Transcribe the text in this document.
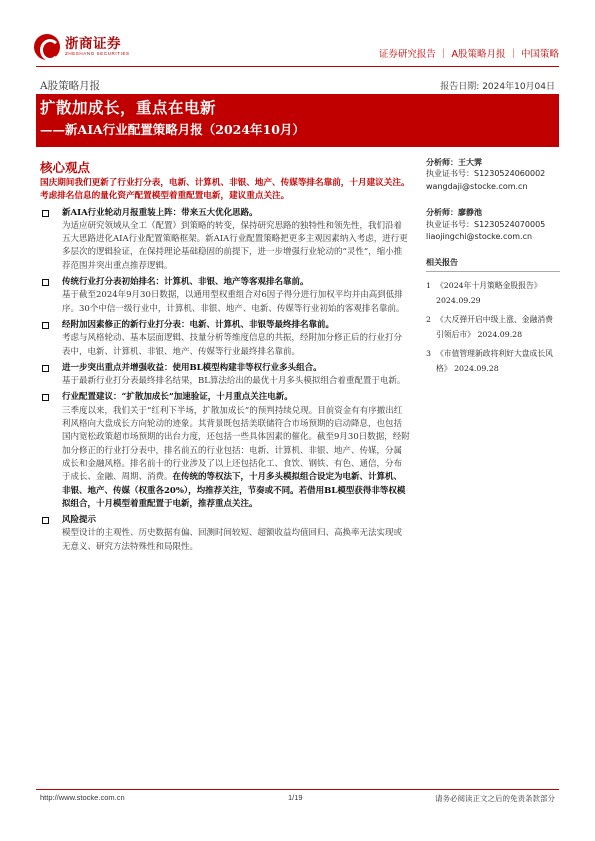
浙商证券
ZHESHANG SECURITIES	证券研究报告 ｜ A股策略月报 ｜ 中国策略
A股策略月报	报告日期: 2024年10月04日
扩散加成长，重点在电新
——新AIA行业配置策略月报（2024年10月）
核心观点
国庆期间我们更新了行业打分表，电新、计算机、非银、地产、传媒等排名靠前，十月建议关注。考虑排名信息的量化资产配置模型着重配置电新，建议重点关注。
新AIA行业轮动月报重装上阵：带来五大优化思路。
为适应研究领域从全工（配置）到策略的转变，保持研究思路的独特性和领先性，我们沿着五大思路进化AIA行业配置策略框架。新AIA行业配置策略把更多主观因素纳入考虑，进行更多层次的逻辑验证，在保持理论基础稳固的前提下，进一步增强行业轮动的“灵性”，缩小推荐范围并突出重点推荐逻辑。
传统行业打分表初始排名：计算机、非银、地产等客观排名靠前。
基于截至2024年9月30日数据，以通用型权重组合对6因子得分进行加权平均并由高到低排序。30个中信一级行业中，计算机、非银、地产、电新、传媒等行业初始的客观排名靠前。
经附加因素修正的新行业打分表：电新、计算机、非银等最终排名靠前。
考虑与风格轮动、基本层面逻辑、技量分析等维度信息的共振，经附加分修正后的行业打分表中，电新、计算机、非银、地产、传媒等行业最终排名靠前。
进一步突出重点并增强收益：使用BL模型构建非等权行业多头组合。
基于最新行业打分表最终排名结果，BL算法给出的最优十月多头模拟组合着重配置于电新。
行业配置建议：“扩散加成长”加速验证，十月重点关注电新。
三季度以来，我们关于“红利下半场，扩散加成长”的预判持续兑现。目前资金有有序撤出红利风格向大盘成长方向轮动的迹象。其背景既包括美联储符合市场预期的启动降息，也包括国内宽松政策超市场预期的出台力度，还包括一些具体因素的催化。截至9月30日数据，经附加分修正的行业打分表中，排名前五的行业包括：电新、计算机、非银、地产、传媒，分属成长和金融风格。排名前十的行业涉及了以上还包括化工、食饮、钢铁、有色、通信，分布于成长、金融、周期、消费。在传统的等权法下，十月多头模拟组合设定为电新、计算机、非银、地产、传媒（权重各20%），均推荐关注，节奏或不同。若借用BL模型获得非等权模拟组合，十月模型着重配置于电新，推荐重点关注。
风险提示
模型设计的主观性、历史数据有偏、回测时间较短、超额收益均值回归、高换率无法实现或无意义、研究方法特殊性和局限性。
分析师：王大霁
执业证书号：S1230524060002
wangdaji@stocke.com.cn
分析师：廖静池
执业证书号：S1230524070005
liaojingchi@stocke.com.cn
相关报告
1 《2024年十月策略金股报告》 2024.09.29
2 《大反弹开启中级上涨、金融消费引领后市》 2024.09.28
3 《市值管理新政将利好大盘成长风格》 2024.09.28
http://www.stocke.com.cn	1/19	请务必阅读正文之后的免责条款部分
